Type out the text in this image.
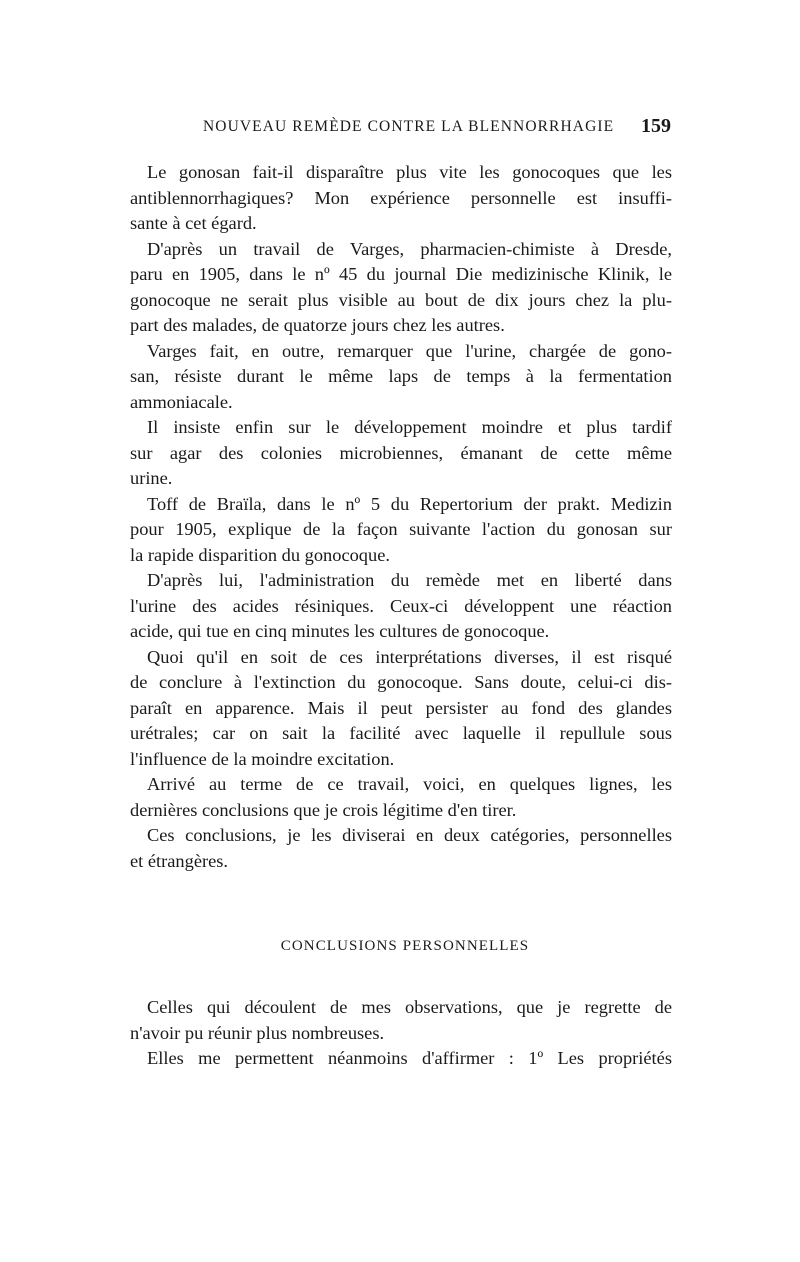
NOUVEAU REMÈDE CONTRE LA BLENNORRHAGIE 159
Le gonosan fait-il disparaître plus vite les gonocoques que les
antiblennorrhagiques? Mon expérience personnelle est insuffi-
sante à cet égard.
D'après un travail de Varges, pharmacien-chimiste à Dresde,
paru en 1905, dans le nº 45 du journal Die medizinische Klinik, le
gonocoque ne serait plus visible au bout de dix jours chez la plu-
part des malades, de quatorze jours chez les autres.
Varges fait, en outre, remarquer que l'urine, chargée de gono-
san, résiste durant le même laps de temps à la fermentation
ammoniacale.
Il insiste enfin sur le développement moindre et plus tardif
sur agar des colonies microbiennes, émanant de cette même
urine.
Toff de Braïla, dans le nº 5 du Repertorium der prakt. Medizin
pour 1905, explique de la façon suivante l'action du gonosan sur
la rapide disparition du gonocoque.
D'après lui, l'administration du remède met en liberté dans
l'urine des acides résiniques. Ceux-ci développent une réaction
acide, qui tue en cinq minutes les cultures de gonocoque.
Quoi qu'il en soit de ces interprétations diverses, il est risqué
de conclure à l'extinction du gonocoque. Sans doute, celui-ci dis-
paraît en apparence. Mais il peut persister au fond des glandes
urétrales; car on sait la facilité avec laquelle il repullule sous
l'influence de la moindre excitation.
Arrivé au terme de ce travail, voici, en quelques lignes, les
dernières conclusions que je crois légitime d'en tirer.
Ces conclusions, je les diviserai en deux catégories, personnelles
et étrangères.
CONCLUSIONS PERSONNELLES
Celles qui découlent de mes observations, que je regrette de
n'avoir pu réunir plus nombreuses.
Elles me permettent néanmoins d'affirmer : 1º Les propriétés
